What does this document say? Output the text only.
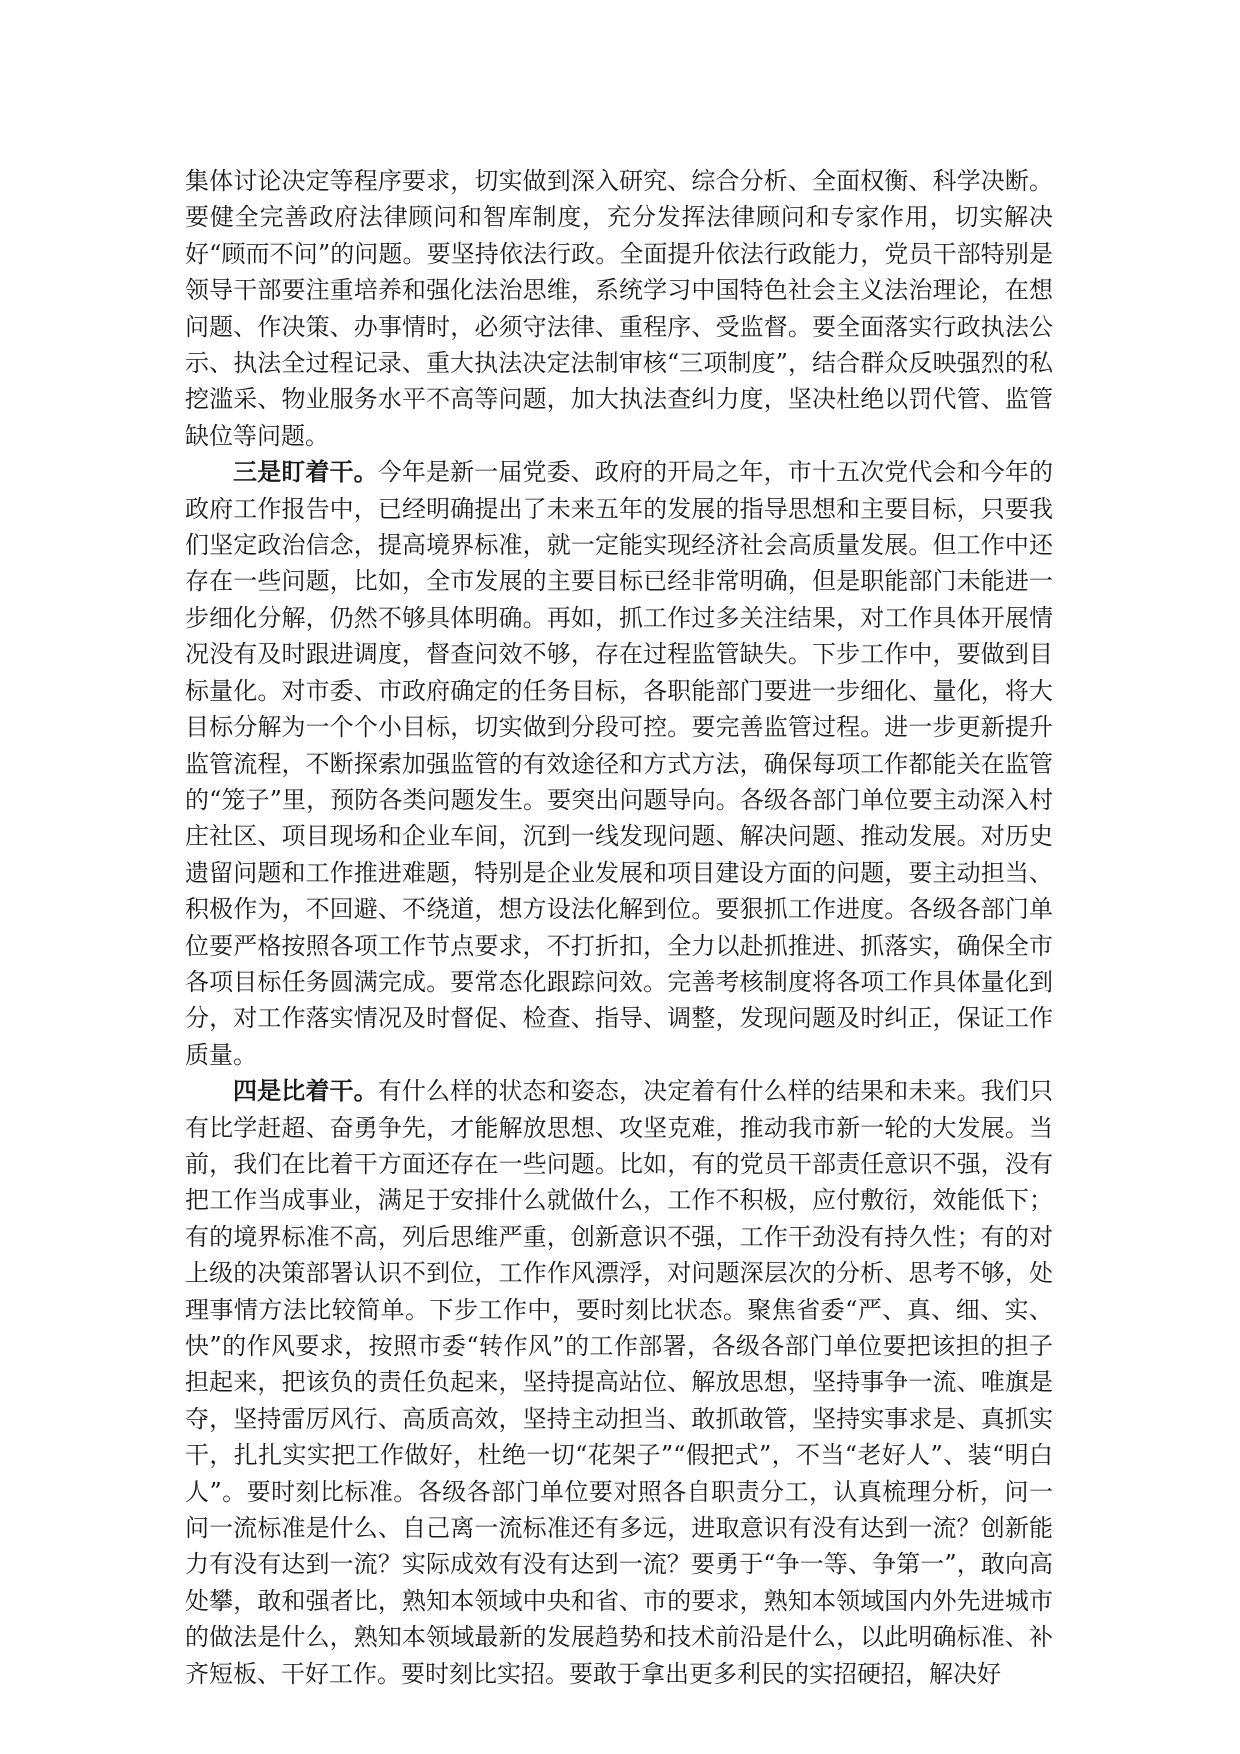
集体讨论决定等程序要求，切实做到深入研究、综合分析、全面权衡、科学决断。要健全完善政府法律顾问和智库制度，充分发挥法律顾问和专家作用，切实解决好“顾而不问”的问题。要坚持依法行政。全面提升依法行政能力，党员干部特别是领导干部要注重培养和强化法治思维，系统学习中国特色社会主义法治理论，在想问题、作决策、办事情时，必须守法律、重程序、受监督。要全面落实行政执法公示、执法全过程记录、重大执法决定法制审核“三项制度”，结合群众反映强烈的私挖滥采、物业服务水平不高等问题，加大执法查纠力度，坚决杜绝以罚代管、监管缺位等问题。

三是盯着干。今年是新一届党委、政府的开局之年，市十五次党代会和今年的政府工作报告中，已经明确提出了未来五年的发展的指导思想和主要目标，只要我们坚定政治信念，提高境界标准，就一定能实现经济社会高质量发展。但工作中还存在一些问题，比如，全市发展的主要目标已经非常明确，但是职能部门未能进一步细化分解，仍然不够具体明确。再如，抓工作过多关注结果，对工作具体开展情况没有及时跟进调度，督查问效不够，存在过程监管缺失。下步工作中，要做到目标量化。对市委、市政府确定的任务目标，各职能部门要进一步细化、量化，将大目标分解为一个个小目标，切实做到分段可控。要完善监管过程。进一步更新提升监管流程，不断探索加强监管的有效途径和方式方法，确保每项工作都能关在监管的“笼子”里，预防各类问题发生。要突出问题导向。各级各部门单位要主动深入村庄社区、项目现场和企业车间，沉到一线发现问题、解决问题、推动发展。对历史遗留问题和工作推进难题，特别是企业发展和项目建设方面的问题，要主动担当、积极作为，不回避、不绕道，想方设法化解到位。要狠抓工作进度。各级各部门单位要严格按照各项工作节点要求，不打折扣，全力以赴抓推进、抓落实，确保全市各项目标任务圆满完成。要常态化跟踪问效。完善考核制度将各项工作具体量化到分，对工作落实情况及时督促、检查、指导、调整，发现问题及时纠正，保证工作质量。

四是比着干。有什么样的状态和姿态，决定着有什么样的结果和未来。我们只有比学赶超、奋勇争先，才能解放思想、攻坚克难，推动我市新一轮的大发展。当前，我们在比着干方面还存在一些问题。比如，有的党员干部责任意识不强，没有把工作当成事业，满足于安排什么就做什么，工作不积极，应付敷衍，效能低下；有的境界标准不高，列后思维严重，创新意识不强，工作干劲没有持久性；有的对上级的决策部署认识不到位，工作作风漂浮，对问题深层次的分析、思考不够，处理事情方法比较简单。下步工作中，要时刻比状态。聚焦省委“严、真、细、实、快”的作风要求，按照市委“转作风”的工作部署，各级各部门单位要把该担的担子担起来，把该负的责任负起来，坚持提高站位、解放思想，坚持事争一流、唯旗是夺，坚持雷厉风行、高质高效，坚持主动担当、敢抓敢管，坚持实事求是、真抓实干，扎扎实实把工作做好，杜绝一切“花架子”“假把式”，不当“老好人”、装“明白人”。要时刻比标准。各级各部门单位要对照各自职责分工，认真梳理分析，问一问一流标准是什么、自己离一流标准还有多远，进取意识有没有达到一流？创新能力有没有达到一流？实际成效有没有达到一流？要勇于“争一等、争第一”，敢向高处攀，敢和强者比，熟知本领域中央和省、市的要求，熟知本领域国内外先进城市的做法是什么，熟知本领域最新的发展趋势和技术前沿是什么，以此明确标准、补齐短板、干好工作。要时刻比实招。要敢于拿出更多利民的实招硬招，解决好
